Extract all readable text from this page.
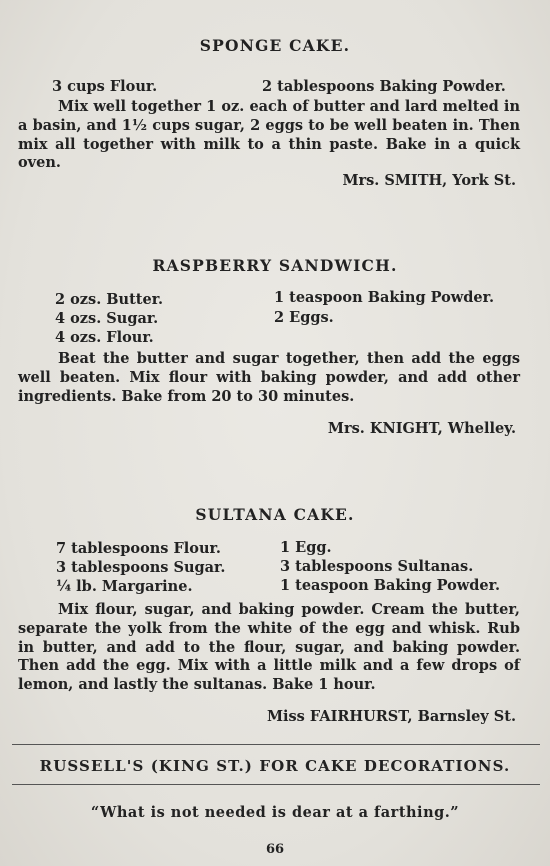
SPONGE CAKE.
3 cups Flour.	2 tablespoons Baking Powder.
Mix well together 1 oz. each of butter and lard melted in a basin, and 1½ cups sugar, 2 eggs to be well beaten in. Then mix all together with milk to a thin paste. Bake in a quick oven.
Mrs. SMITH, York St.
RASPBERRY SANDWICH.
2 ozs. Butter.
4 ozs. Sugar.
4 ozs. Flour.
1 teaspoon Baking Powder.
2 Eggs.
Beat the butter and sugar together, then add the eggs well beaten. Mix flour with baking powder, and add other ingredients. Bake from 20 to 30 minutes.
Mrs. KNIGHT, Whelley.
SULTANA CAKE.
7 tablespoons Flour.
3 tablespoons Sugar.
¼ lb. Margarine.
1 Egg.
3 tablespoons Sultanas.
1 teaspoon Baking Powder.
Mix flour, sugar, and baking powder. Cream the butter, separate the yolk from the white of the egg and whisk. Rub in butter, and add to the flour, sugar, and baking powder. Then add the egg. Mix with a little milk and a few drops of lemon, and lastly the sultanas. Bake 1 hour.
Miss FAIRHURST, Barnsley St.
RUSSELL'S (KING ST.) FOR CAKE DECORATIONS.
“What is not needed is dear at a farthing.”
66
